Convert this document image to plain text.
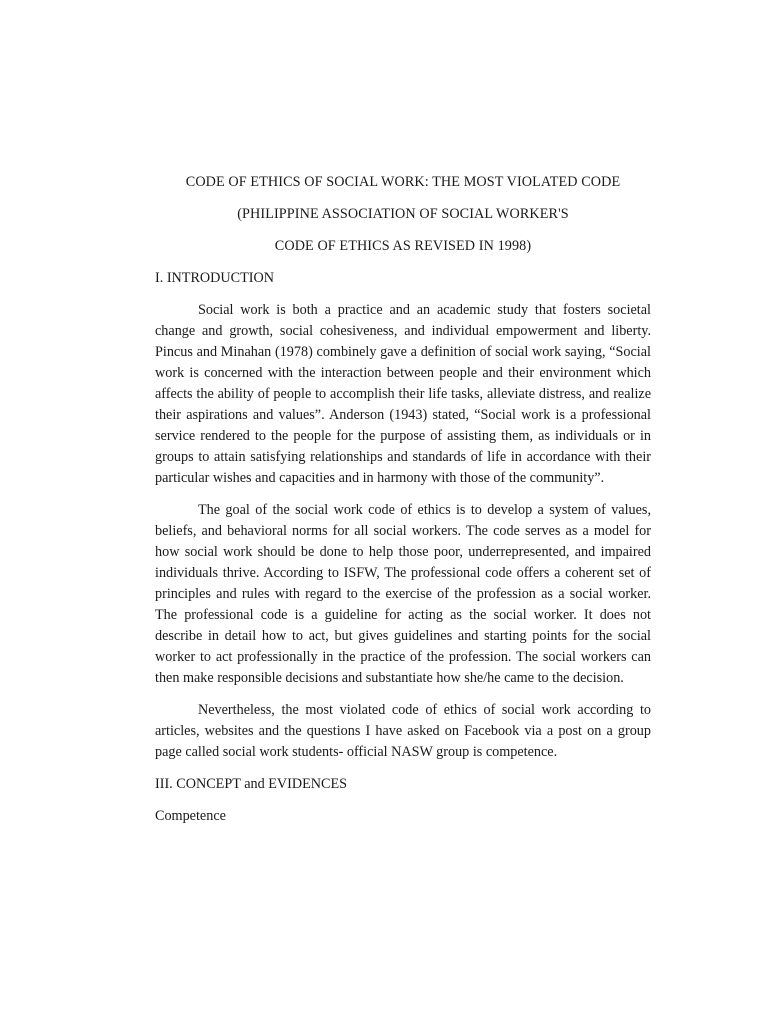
CODE OF ETHICS OF SOCIAL WORK: THE MOST VIOLATED CODE

(PHILIPPINE ASSOCIATION OF SOCIAL WORKER'S

CODE OF ETHICS AS REVISED IN 1998)

I. INTRODUCTION

Social work is both a practice and an academic study that fosters societal change and growth, social cohesiveness, and individual empowerment and liberty. Pincus and Minahan (1978) combinely gave a definition of social work saying, “Social work is concerned with the interaction between people and their environment which affects the ability of people to accomplish their life tasks, alleviate distress, and realize their aspirations and values”. Anderson (1943) stated, “Social work is a professional service rendered to the people for the purpose of assisting them, as individuals or in groups to attain satisfying relationships and standards of life in accordance with their particular wishes and capacities and in harmony with those of the community”.

The goal of the social work code of ethics is to develop a system of values, beliefs, and behavioral norms for all social workers. The code serves as a model for how social work should be done to help those poor, underrepresented, and impaired individuals thrive. According to ISFW, The professional code offers a coherent set of principles and rules with regard to the exercise of the profession as a social worker. The professional code is a guideline for acting as the social worker. It does not describe in detail how to act, but gives guidelines and starting points for the social worker to act professionally in the practice of the profession. The social workers can then make responsible decisions and substantiate how she/he came to the decision.

Nevertheless, the most violated code of ethics of social work according to articles, websites and the questions I have asked on Facebook via a post on a group page called social work students- official NASW group is competence.

III. CONCEPT and EVIDENCES

Competence
